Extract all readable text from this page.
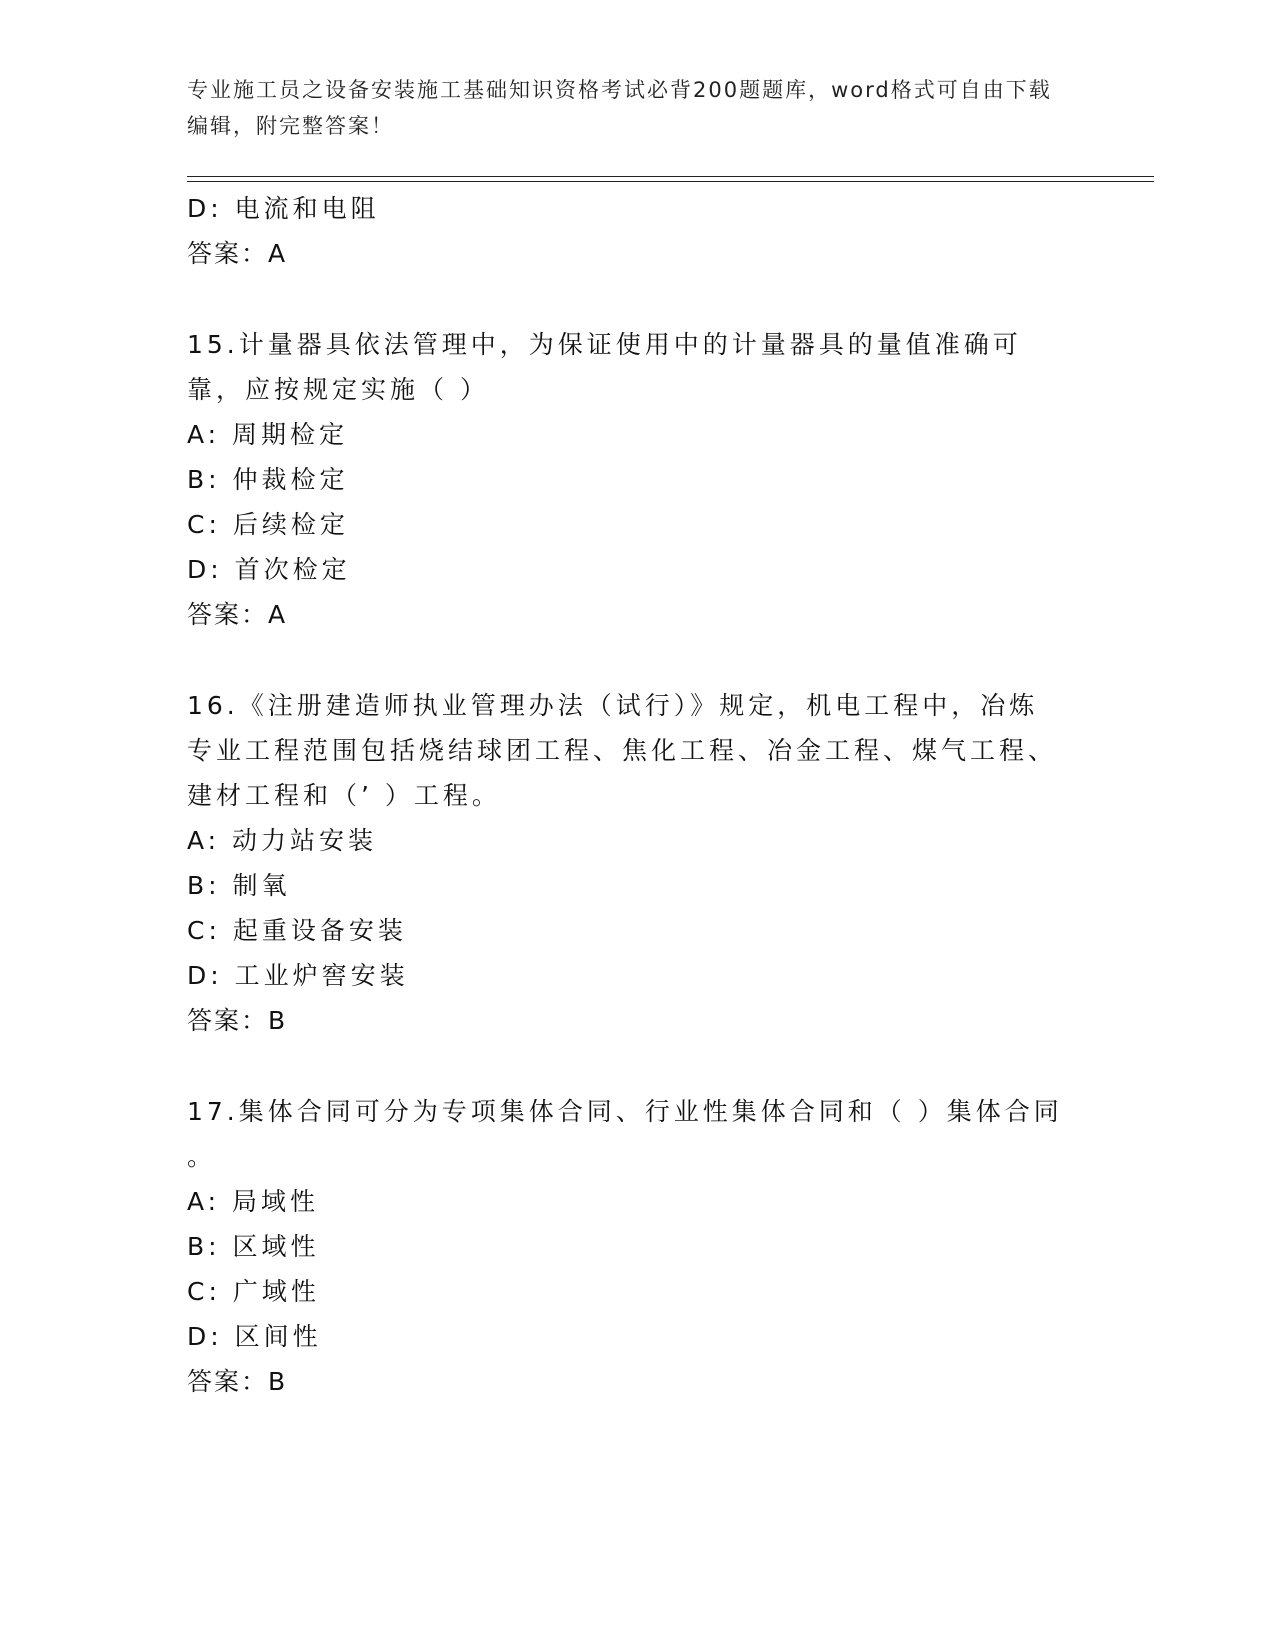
专业施工员之设备安装施工基础知识资格考试必背200题题库，word格式可自由下载编辑，附完整答案！
D: 电流和电阻
答案：A
15.计量器具依法管理中，为保证使用中的计量器具的量值准确可靠，应按规定实施（ ）
A: 周期检定
B: 仲裁检定
C: 后续检定
D: 首次检定
答案：A
16.《注册建造师执业管理办法（试行）》规定，机电工程中，冶炼专业工程范围包括烧结球团工程、焦化工程、冶金工程、煤气工程、建材工程和（’ ）工程。
A: 动力站安装
B: 制氧
C: 起重设备安装
D: 工业炉窖安装
答案：B
17.集体合同可分为专项集体合同、行业性集体合同和（ ）集体合同
。
A: 局域性
B: 区域性
C: 广域性
D: 区间性
答案：B
